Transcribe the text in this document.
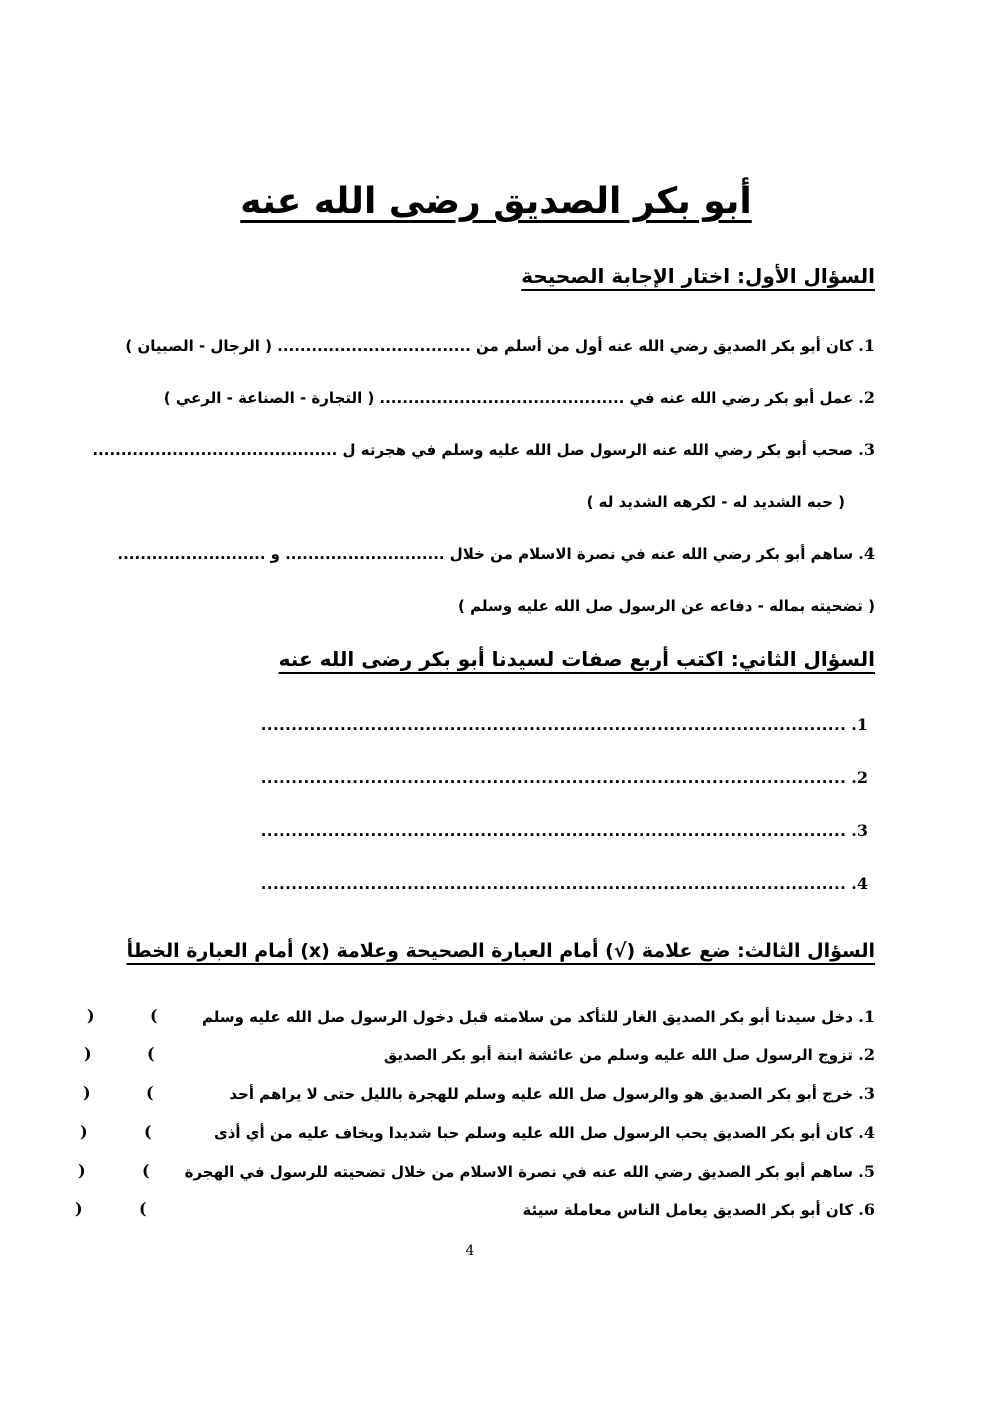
أبو بكر الصديق رضى الله عنه
السؤال الأول: اختار الإجابة الصحيحة
1. كان أبو بكر الصديق رضي الله عنه أول من أسلم من .................................. ( الرجال - الصبيان )
2. عمل أبو بكر رضي الله عنه في ........................................... ( التجارة - الصناعة - الرعي )
3. صحب أبو بكر رضي الله عنه الرسول صل الله عليه وسلم في هجرته ل ...........................................
( حبه الشديد له - لكرهه الشديد له )
4. ساهم أبو بكر رضي الله عنه في نصرة الاسلام من خلال ............................ و ..........................
( تضحيته بماله - دفاعه عن الرسول صل الله عليه وسلم )
السؤال الثاني: اكتب أربع صفات لسيدنا أبو بكر رضى الله عنه
1. ................................................................................................
2. ................................................................................................
3. ................................................................................................
4. ................................................................................................
السؤال الثالث: ضع علامة (√) أمام العبارة الصحيحة وعلامة (x) أمام العبارة الخطأ
1. دخل سيدنا أبو بكر الصديق الغار للتأكد من سلامته قبل دخول الرسول صل الله عليه وسلم
(
)
2. تزوج الرسول صل الله عليه وسلم من عائشة ابنة أبو بكر الصديق
(
)
3. خرج أبو بكر الصديق هو والرسول صل الله عليه وسلم للهجرة بالليل حتى لا يراهم أحد
(
)
4. كان أبو بكر الصديق يحب الرسول صل الله عليه وسلم حبا شديدا ويخاف عليه من أي أذى
(
)
5. ساهم أبو بكر الصديق رضي الله عنه في نصرة الاسلام من خلال تضحيته للرسول في الهجرة
(
)
6. كان أبو بكر الصديق يعامل الناس معاملة سيئة
(
)
4
